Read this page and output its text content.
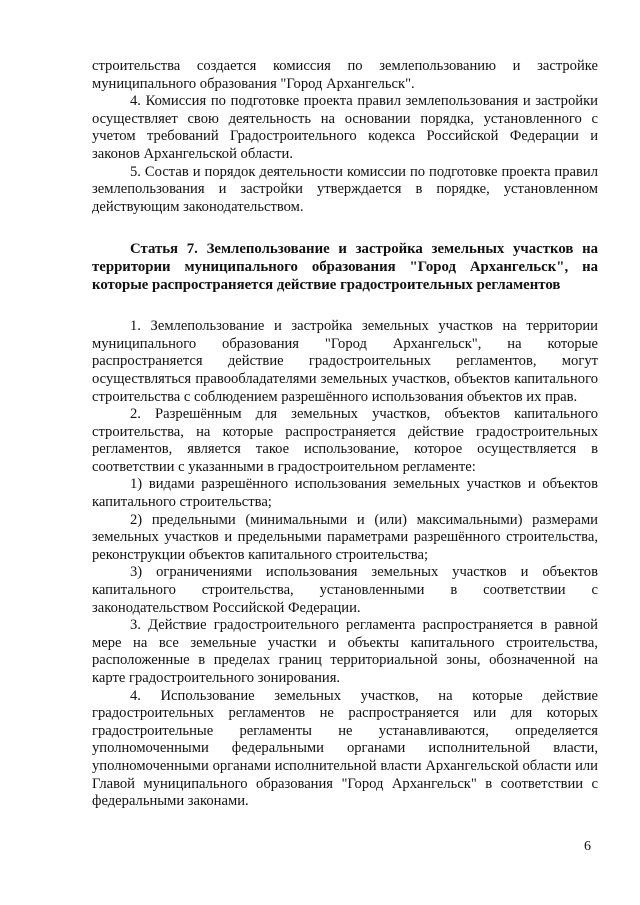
строительства создается комиссия по землепользованию и застройке муниципального образования "Город Архангельск".

4. Комиссия по подготовке проекта правил землепользования и застройки осуществляет свою деятельность на основании порядка, установленного с учетом требований Градостроительного кодекса Российской Федерации и законов Архангельской области.

5. Состав и порядок деятельности комиссии по подготовке проекта правил землепользования и застройки утверждается в порядке, установленном действующим законодательством.

Статья 7. Землепользование и застройка земельных участков на территории муниципального образования "Город Архангельск", на которые распространяется действие градостроительных регламентов

1. Землепользование и застройка земельных участков на территории муниципального образования "Город Архангельск", на которые распространяется действие градостроительных регламентов, могут осуществляться правообладателями земельных участков, объектов капитального строительства с соблюдением разрешённого использования объектов их прав.

2. Разрешённым для земельных участков, объектов капитального строительства, на которые распространяется действие градостроительных регламентов, является такое использование, которое осуществляется в соответствии с указанными в градостроительном регламенте:

1) видами разрешённого использования земельных участков и объектов капитального строительства;

2) предельными (минимальными и (или) максимальными) размерами земельных участков и предельными параметрами разрешённого строительства, реконструкции объектов капитального строительства;

3) ограничениями использования земельных участков и объектов капитального строительства, установленными в соответствии с законодательством Российской Федерации.

3. Действие градостроительного регламента распространяется в равной мере на все земельные участки и объекты капитального строительства, расположенные в пределах границ территориальной зоны, обозначенной на карте градостроительного зонирования.

4. Использование земельных участков, на которые действие градостроительных регламентов не распространяется или для которых градостроительные регламенты не устанавливаются, определяется уполномоченными федеральными органами исполнительной власти, уполномоченными органами исполнительной власти Архангельской области или Главой муниципального образования "Город Архангельск" в соответствии с федеральными законами.

6
